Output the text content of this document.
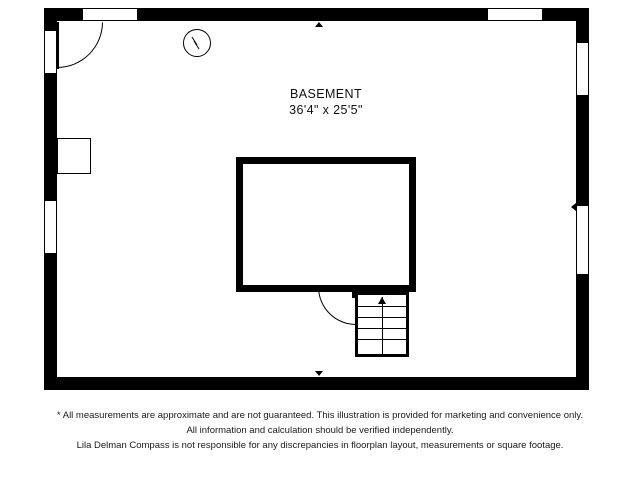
BASEMENT
36'4" x 25'5"
* All measurements are approximate and are not guaranteed. This illustration is provided for marketing and convenience only.
All information and calculation should be verified independently.
Lila Delman Compass is not responsible for any discrepancies in floorplan layout, measurements or square footage.
